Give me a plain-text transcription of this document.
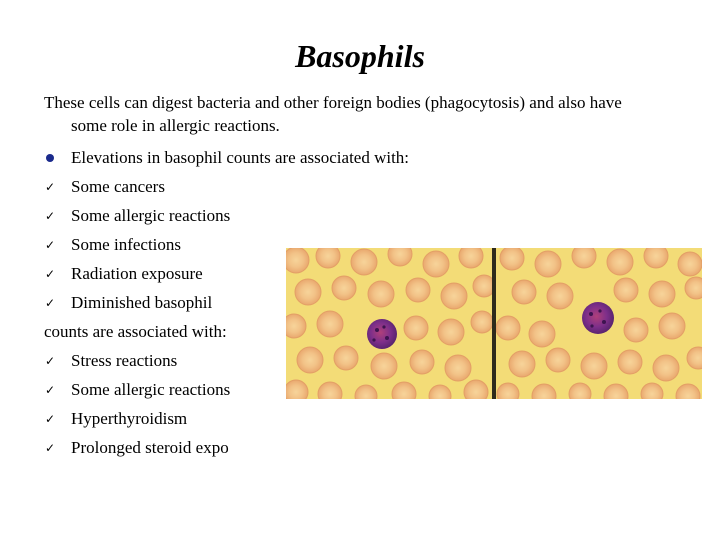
Basophils
These cells can digest bacteria and other foreign bodies (phagocytosis) and also have some role in allergic reactions.
Elevations in basophil counts are associated with:
✓ Some cancers
✓ Some allergic reactions
✓ Some infections
✓ Radiation exposure
✓ Diminished basophil
counts are associated with:
✓ Stress reactions
✓ Some allergic reactions
✓ Hyperthyroidism
✓ Prolonged steroid expo
